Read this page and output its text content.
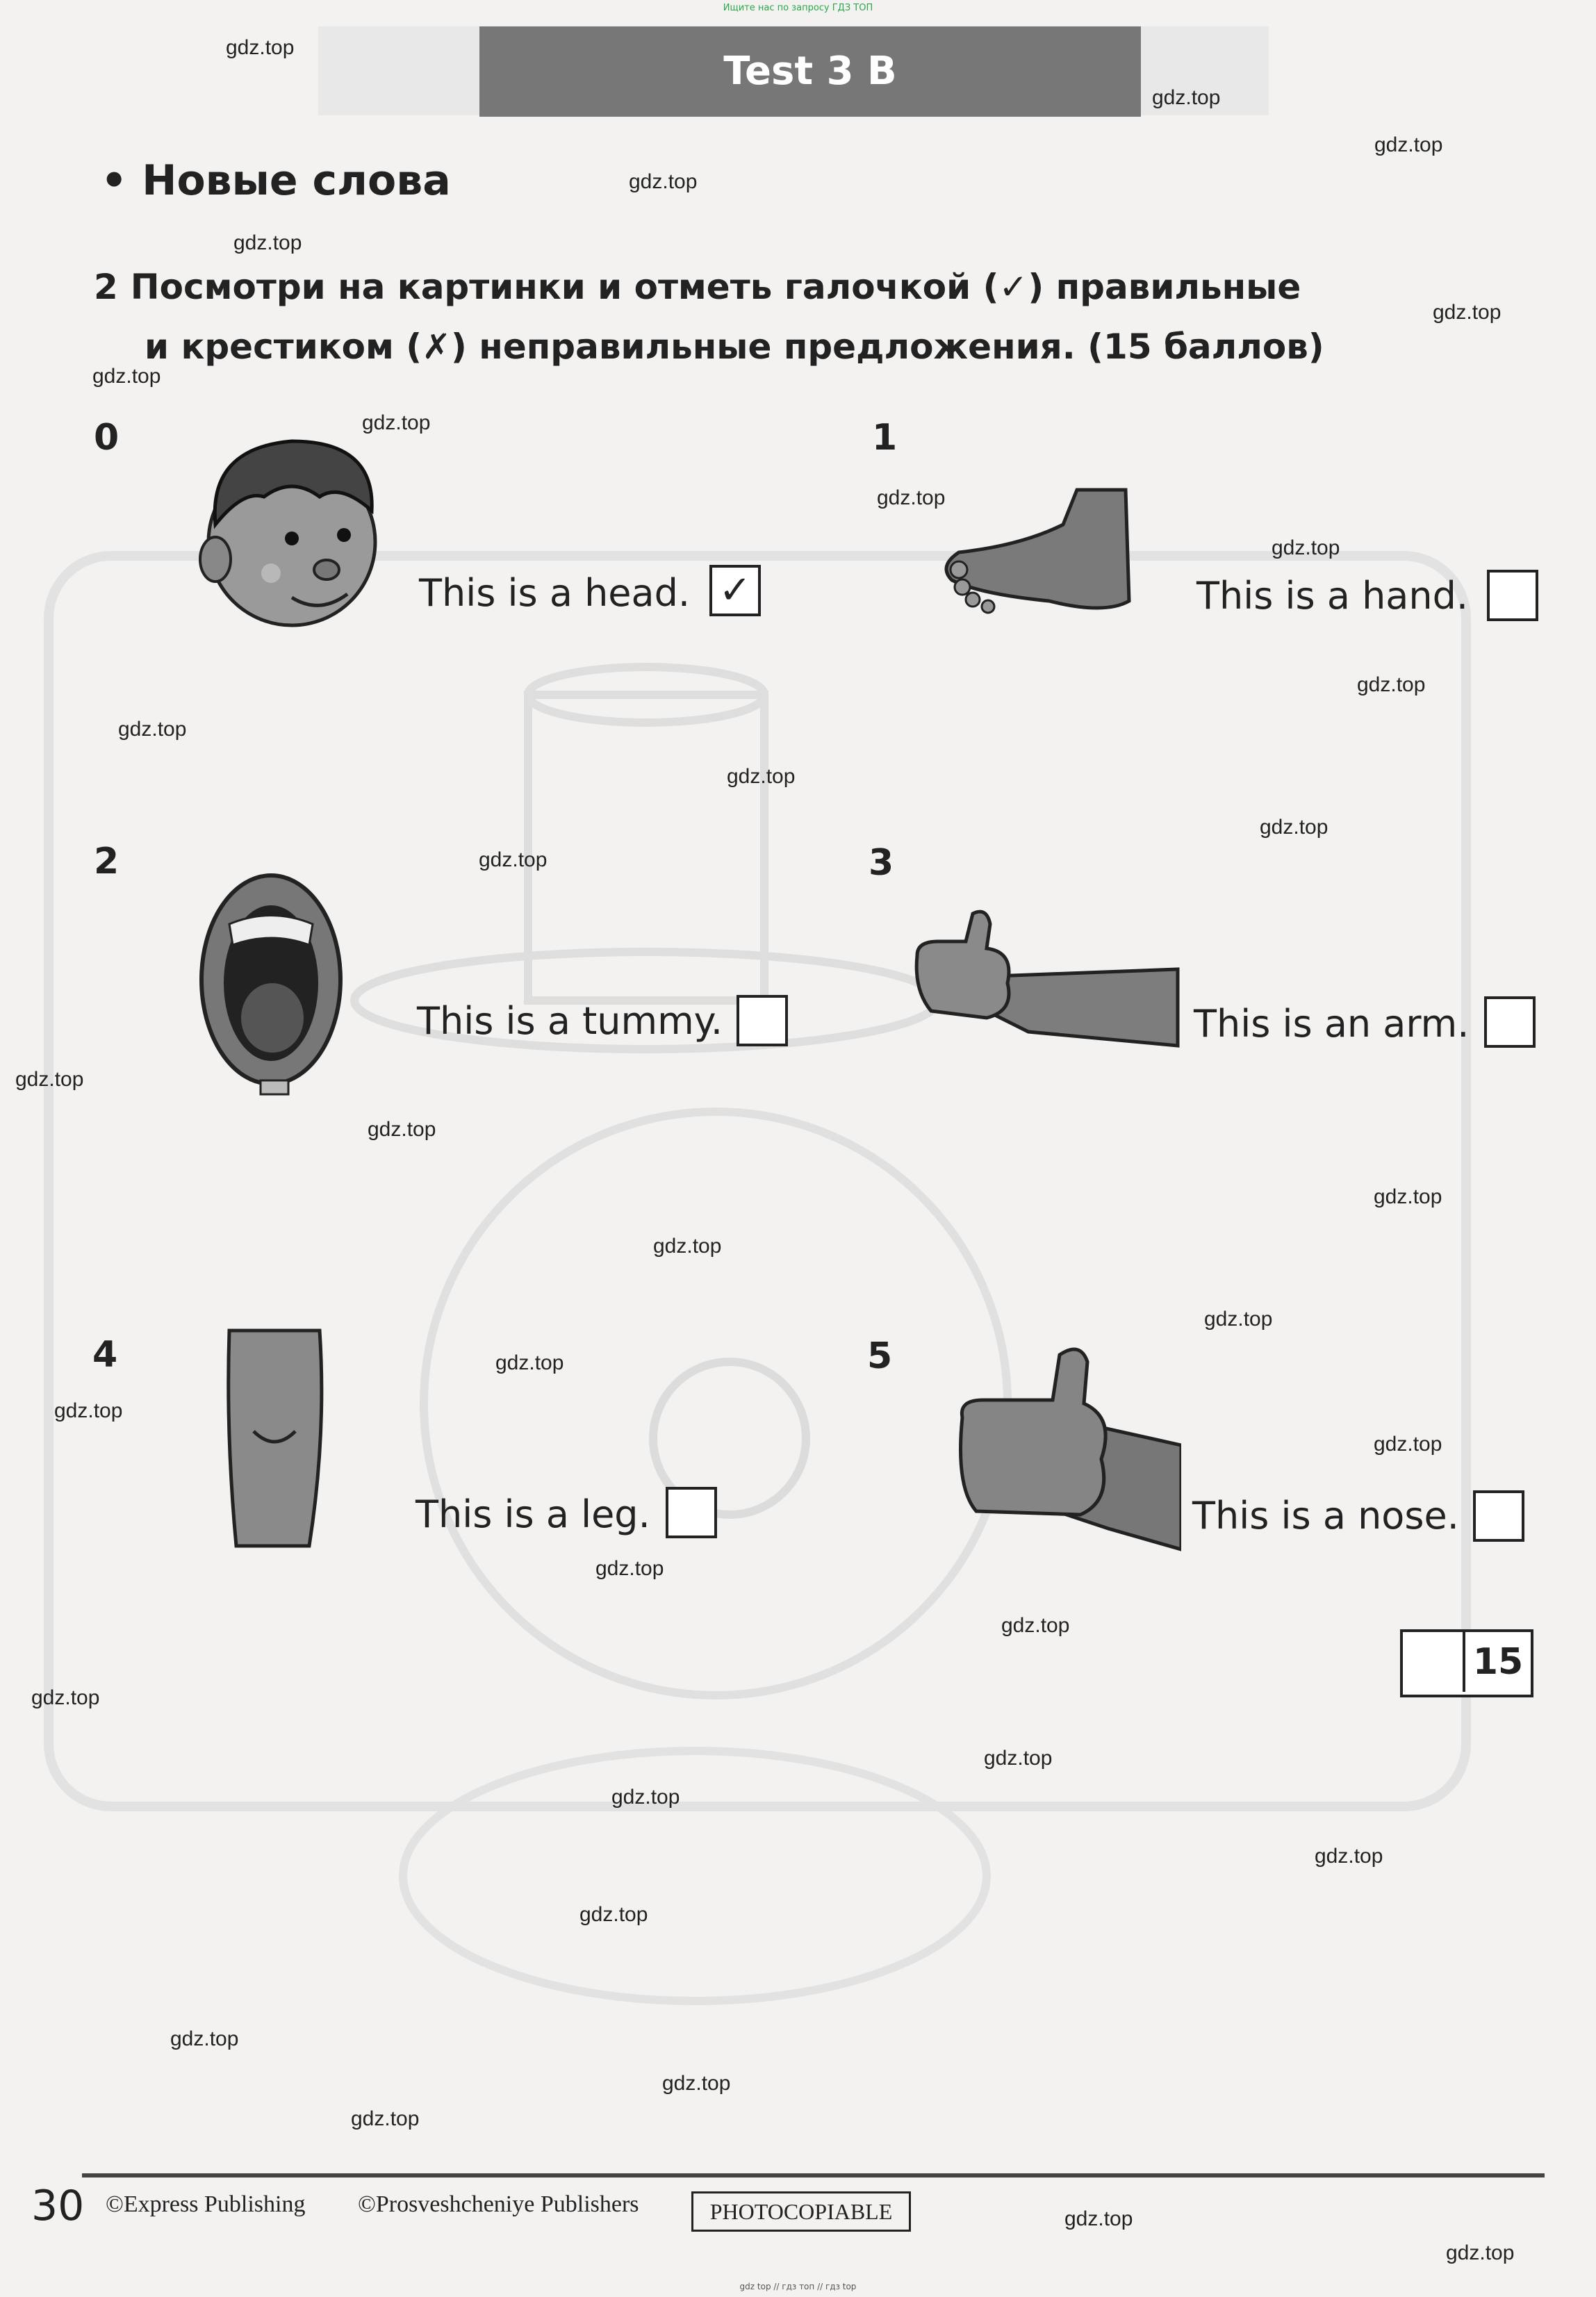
Ищите нас по запросу ГДЗ ТОП
Test 3 B
• Новые слова
2 Посмотри на картинки и отметь галочкой (✓) правильные
и крестиком (✗) неправильные предложения. (15 баллов)
0
This is a head. ✓
1
This is a hand.
2
This is a tummy.
3
This is an arm.
4
This is a leg.
5
This is a nose.
15
30 ©Express Publishing ©Prosveshcheniye Publishers	PHOTOCOPIABLE
gdz.top
gdz.top
gdz.top
gdz.top
gdz.top
gdz.top
gdz.top
gdz.top
gdz.top
gdz.top
gdz.top
gdz.top
gdz.top
gdz.top
gdz.top
gdz.top
gdz.top
gdz.top
gdz.top
gdz.top
gdz.top
gdz.top
gdz.top
gdz.top
gdz.top
gdz.top
gdz.top
gdz.top
gdz.top
gdz.top
gdz.top
gdz.top
gdz.top
gdz.top
gdz.top
gdz top // гдз топ // гдз top
